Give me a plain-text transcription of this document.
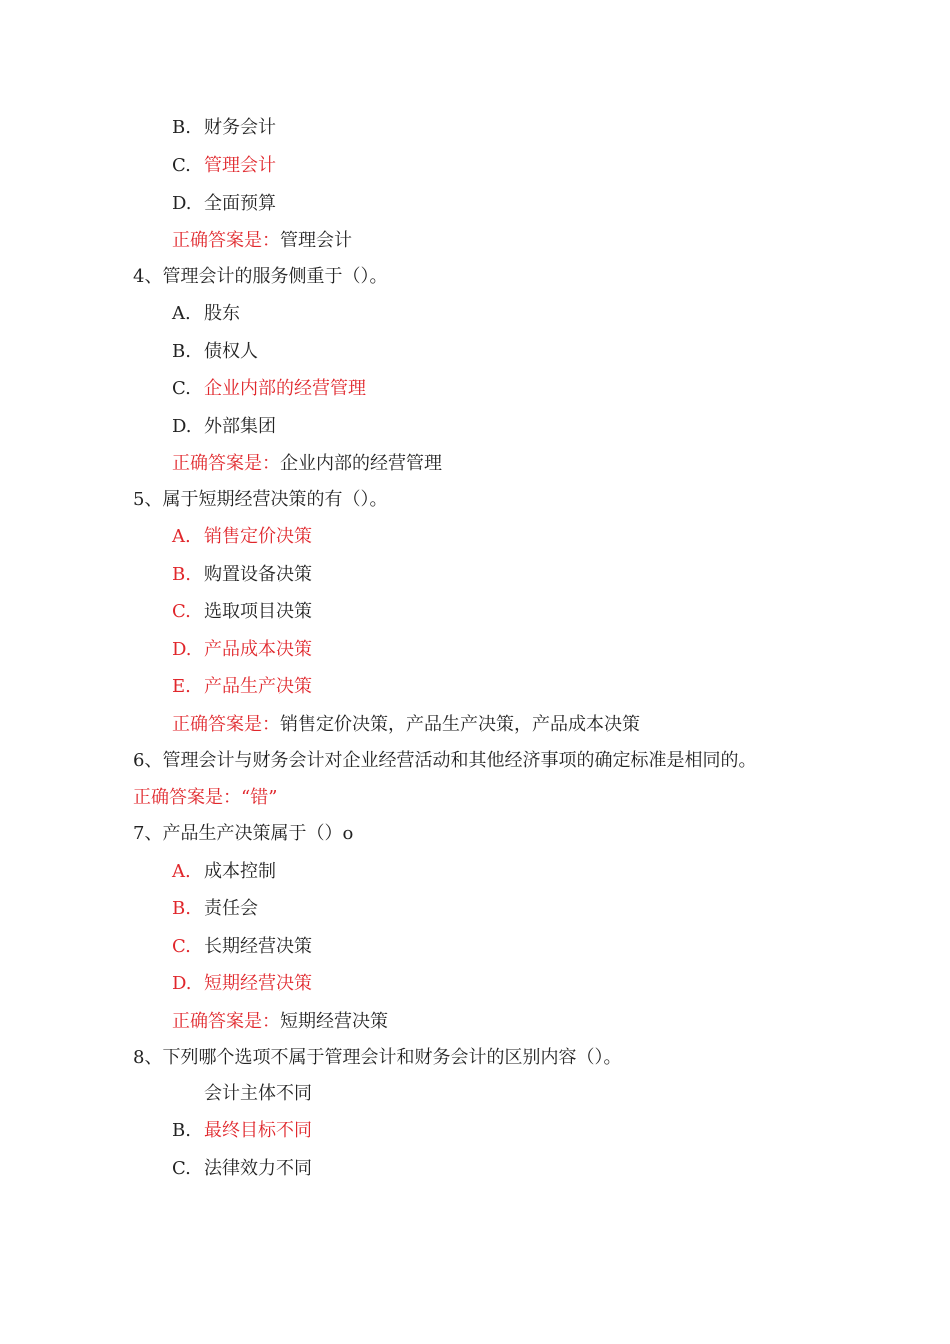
B. 财务会计
C. 管理会计
D. 全面预算
正确答案是：管理会计
4、管理会计的服务侧重于（）。
A. 股东
B. 债权人
C. 企业内部的经营管理
D. 外部集团
正确答案是：企业内部的经营管理
5、属于短期经营决策的有（）。
A. 销售定价决策
B. 购置设备决策
C. 选取项目决策
D. 产品成本决策
E. 产品生产决策
正确答案是：销售定价决策，产品生产决策，产品成本决策
6、管理会计与财务会计对企业经营活动和其他经济事项的确定标准是相同的。
正确答案是：“错”
7、产品生产决策属于（）o
A. 成本控制
B. 责任会
C. 长期经营决策
D. 短期经营决策
正确答案是：短期经营决策
8、下列哪个选项不属于管理会计和财务会计的区别内容（）。
会计主体不同
B. 最终目标不同
C. 法律效力不同
